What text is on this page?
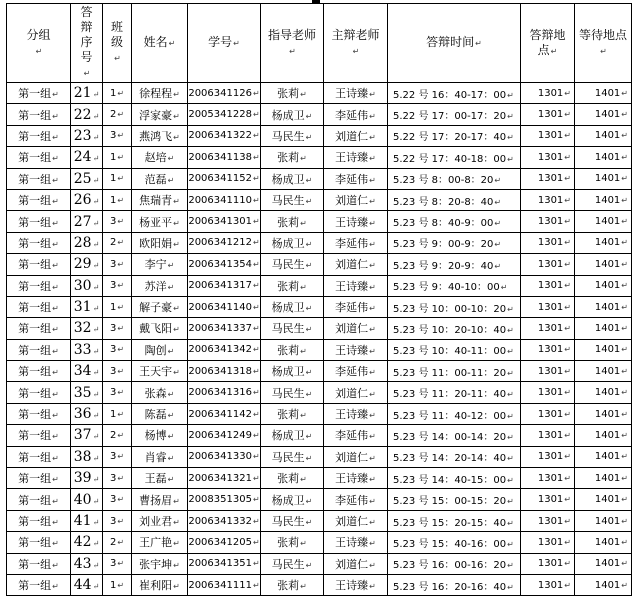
分组↵	答辩序号↵	班级↵	姓名↵	学号↵	指导老师↵	主辩老师↵	答辩时间↵	答辩地点↵	等待地点↵
第一组↵	21↵	1↵	徐程程↵	2006341126↵	张莉↵	王诗臻↵	5.22 号 16：40-17：00↵	1301↵	1401↵
第一组↵	22↵	2↵	浮家豪↵	2005341228↵	杨成卫↵	李延伟↵	5.22 号 17：00-17：20↵	1301↵	1401↵
第一组↵	23↵	3↵	燕鸿飞↵	2006341322↵	马民生↵	刘道仁↵	5.22 号 17：20-17：40↵	1301↵	1401↵
第一组↵	24↵	1↵	赵培↵	2006341138↵	张莉↵	王诗臻↵	5.22 号 17：40-18：00↵	1301↵	1401↵
第一组↵	25↵	1↵	范磊↵	2006341152↵	杨成卫↵	李延伟↵	5.23 号 8：00-8：20↵	1301↵	1401↵
第一组↵	26↵	1↵	焦瑞青↵	2006341110↵	马民生↵	刘道仁↵	5.23 号 8：20-8：40↵	1301↵	1401↵
第一组↵	27↵	3↵	杨亚平↵	2006341301↵	张莉↵	王诗臻↵	5.23 号 8：40-9：00↵	1301↵	1401↵
第一组↵	28↵	2↵	欧阳娟↵	2006341212↵	杨成卫↵	李延伟↵	5.23 号 9：00-9：20↵	1301↵	1401↵
第一组↵	29↵	3↵	李宁↵	2006341354↵	马民生↵	刘道仁↵	5.23 号 9：20-9：40↵	1301↵	1401↵
第一组↵	30↵	3↵	苏洋↵	2006341317↵	张莉↵	王诗臻↵	5.23 号 9：40-10：00↵	1301↵	1401↵
第一组↵	31↵	1↵	解子豪↵	2006341140↵	杨成卫↵	李延伟↵	5.23 号 10：00-10：20↵	1301↵	1401↵
第一组↵	32↵	3↵	戴飞阳↵	2006341337↵	马民生↵	刘道仁↵	5.23 号 10：20-10：40↵	1301↵	1401↵
第一组↵	33↵	3↵	陶创↵	2006341342↵	张莉↵	王诗臻↵	5.23 号 10：40-11：00↵	1301↵	1401↵
第一组↵	34↵	3↵	王天宇↵	2006341318↵	杨成卫↵	李延伟↵	5.23 号 11：00-11：20↵	1301↵	1401↵
第一组↵	35↵	3↵	张森↵	2006341316↵	马民生↵	刘道仁↵	5.23 号 11：20-11：40↵	1301↵	1401↵
第一组↵	36↵	1↵	陈磊↵	2006341142↵	张莉↵	王诗臻↵	5.23 号 11：40-12：00↵	1301↵	1401↵
第一组↵	37↵	2↵	杨博↵	2006341249↵	杨成卫↵	李延伟↵	5.23 号 14：00-14：20↵	1301↵	1401↵
第一组↵	38↵	3↵	肖睿↵	2006341330↵	马民生↵	刘道仁↵	5.23 号 14：20-14：40↵	1301↵	1401↵
第一组↵	39↵	3↵	王磊↵	2006341321↵	张莉↵	王诗臻↵	5.23 号 14：40-15：00↵	1301↵	1401↵
第一组↵	40↵	3↵	曹扬眉↵	2008351305↵	杨成卫↵	李延伟↵	5.23 号 15：00-15：20↵	1301↵	1401↵
第一组↵	41↵	3↵	刘业君↵	2006341332↵	马民生↵	刘道仁↵	5.23 号 15：20-15：40↵	1301↵	1401↵
第一组↵	42↵	2↵	王广艳↵	2006341205↵	张莉↵	王诗臻↵	5.23 号 15：40-16：00↵	1301↵	1401↵
第一组↵	43↵	3↵	张宇坤↵	2006341351↵	马民生↵	刘道仁↵	5.23 号 16：00-16：20↵	1301↵	1401↵
第一组↵	44↵	1↵	崔利阳↵	2006341111↵	张莉↵	王诗臻↵	5.23 号 16：20-16：40↵	1301↵	1401↵
